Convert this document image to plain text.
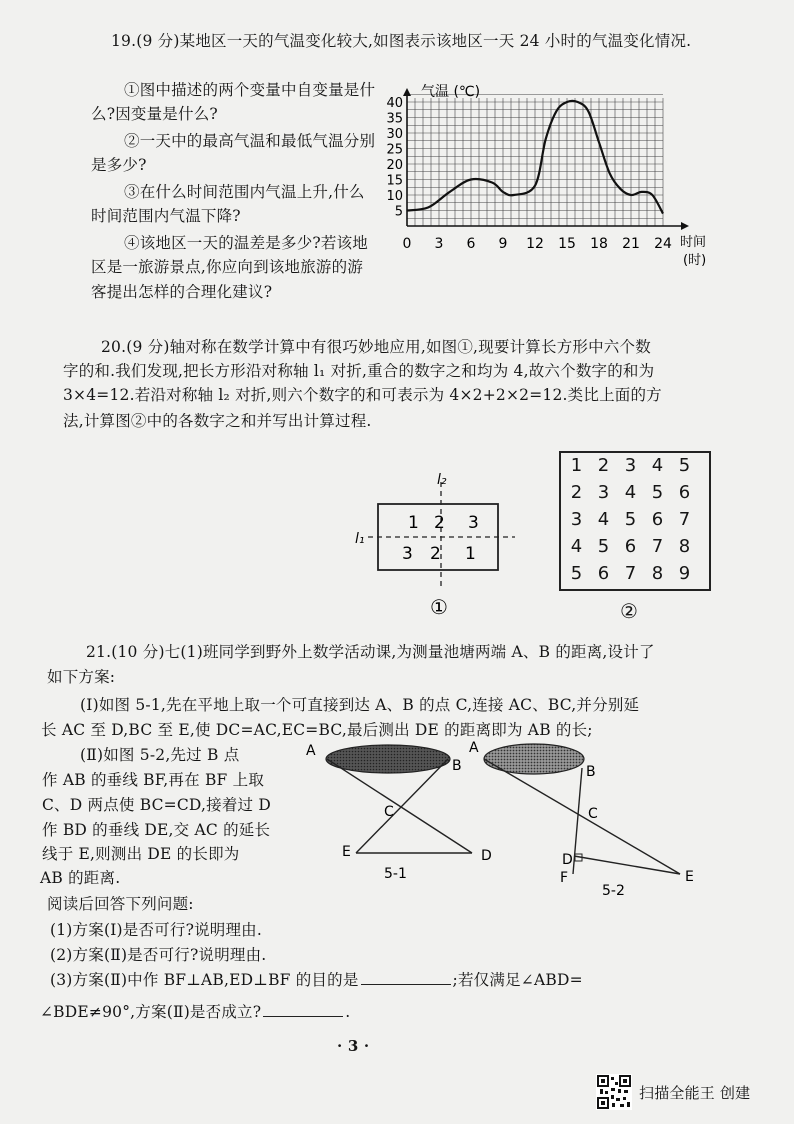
19.(9 分)某地区一天的气温变化较大,如图表示该地区一天 24 小时的气温变化情况.
①图中描述的两个变量中自变量是什
么?因变量是什么?
②一天中的最高气温和最低气温分别
是多少?
③在什么时间范围内气温上升,什么
时间范围内气温下降?
④该地区一天的温差是多少?若该地
区是一旅游景点,你应向到该地旅游的游
客提出怎样的合理化建议?
0 3 6 9 12 15 18 21 24
5
10
15
20
25
30
35
40
气温 (℃)
时间
(时)
20.(9 分)轴对称在数学计算中有很巧妙地应用,如图①,现要计算长方形中六个数
字的和.我们发现,把长方形沿对称轴 l₁ 对折,重合的数字之和均为 4,故六个数字的和为
3×4=12.若沿对称轴 l₂ 对折,则六个数字的和可表示为 4×2+2×2=12.类比上面的方
法,计算图②中的各数字之和并写出计算过程.
l₂
l₁
1 2 3
3 2 1
①
1 2 3 4 5
2 3 4 5 6
3 4 5 6 7
4 5 6 7 8
5 6 7 8 9
②
21.(10 分)七(1)班同学到野外上数学活动课,为测量池塘两端 A、B 的距离,设计了
如下方案:
(Ⅰ)如图 5-1,先在平地上取一个可直接到达 A、B 的点 C,连接 AC、BC,并分别延
长 AC 至 D,BC 至 E,使 DC=AC,EC=BC,最后测出 DE 的距离即为 AB 的长;
(Ⅱ)如图 5-2,先过 B 点
作 AB 的垂线 BF,再在 BF 上取
C、D 两点使 BC=CD,接着过 D
作 BD 的垂线 DE,交 AC 的延长
线于 E,则测出 DE 的长即为
AB 的距离.
阅读后回答下列问题:
(1)方案(Ⅰ)是否可行?说明理由.
(2)方案(Ⅱ)是否可行?说明理由.
(3)方案(Ⅱ)中作 BF⊥AB,ED⊥BF 的目的是	;若仅满足∠ABD=
∠BDE≠90°,方案(Ⅱ)是否成立?	.
A
B
C
E	D
5-1
A
B
C
D
F	E
5-2
· 3 ·
扫描全能王 创建
